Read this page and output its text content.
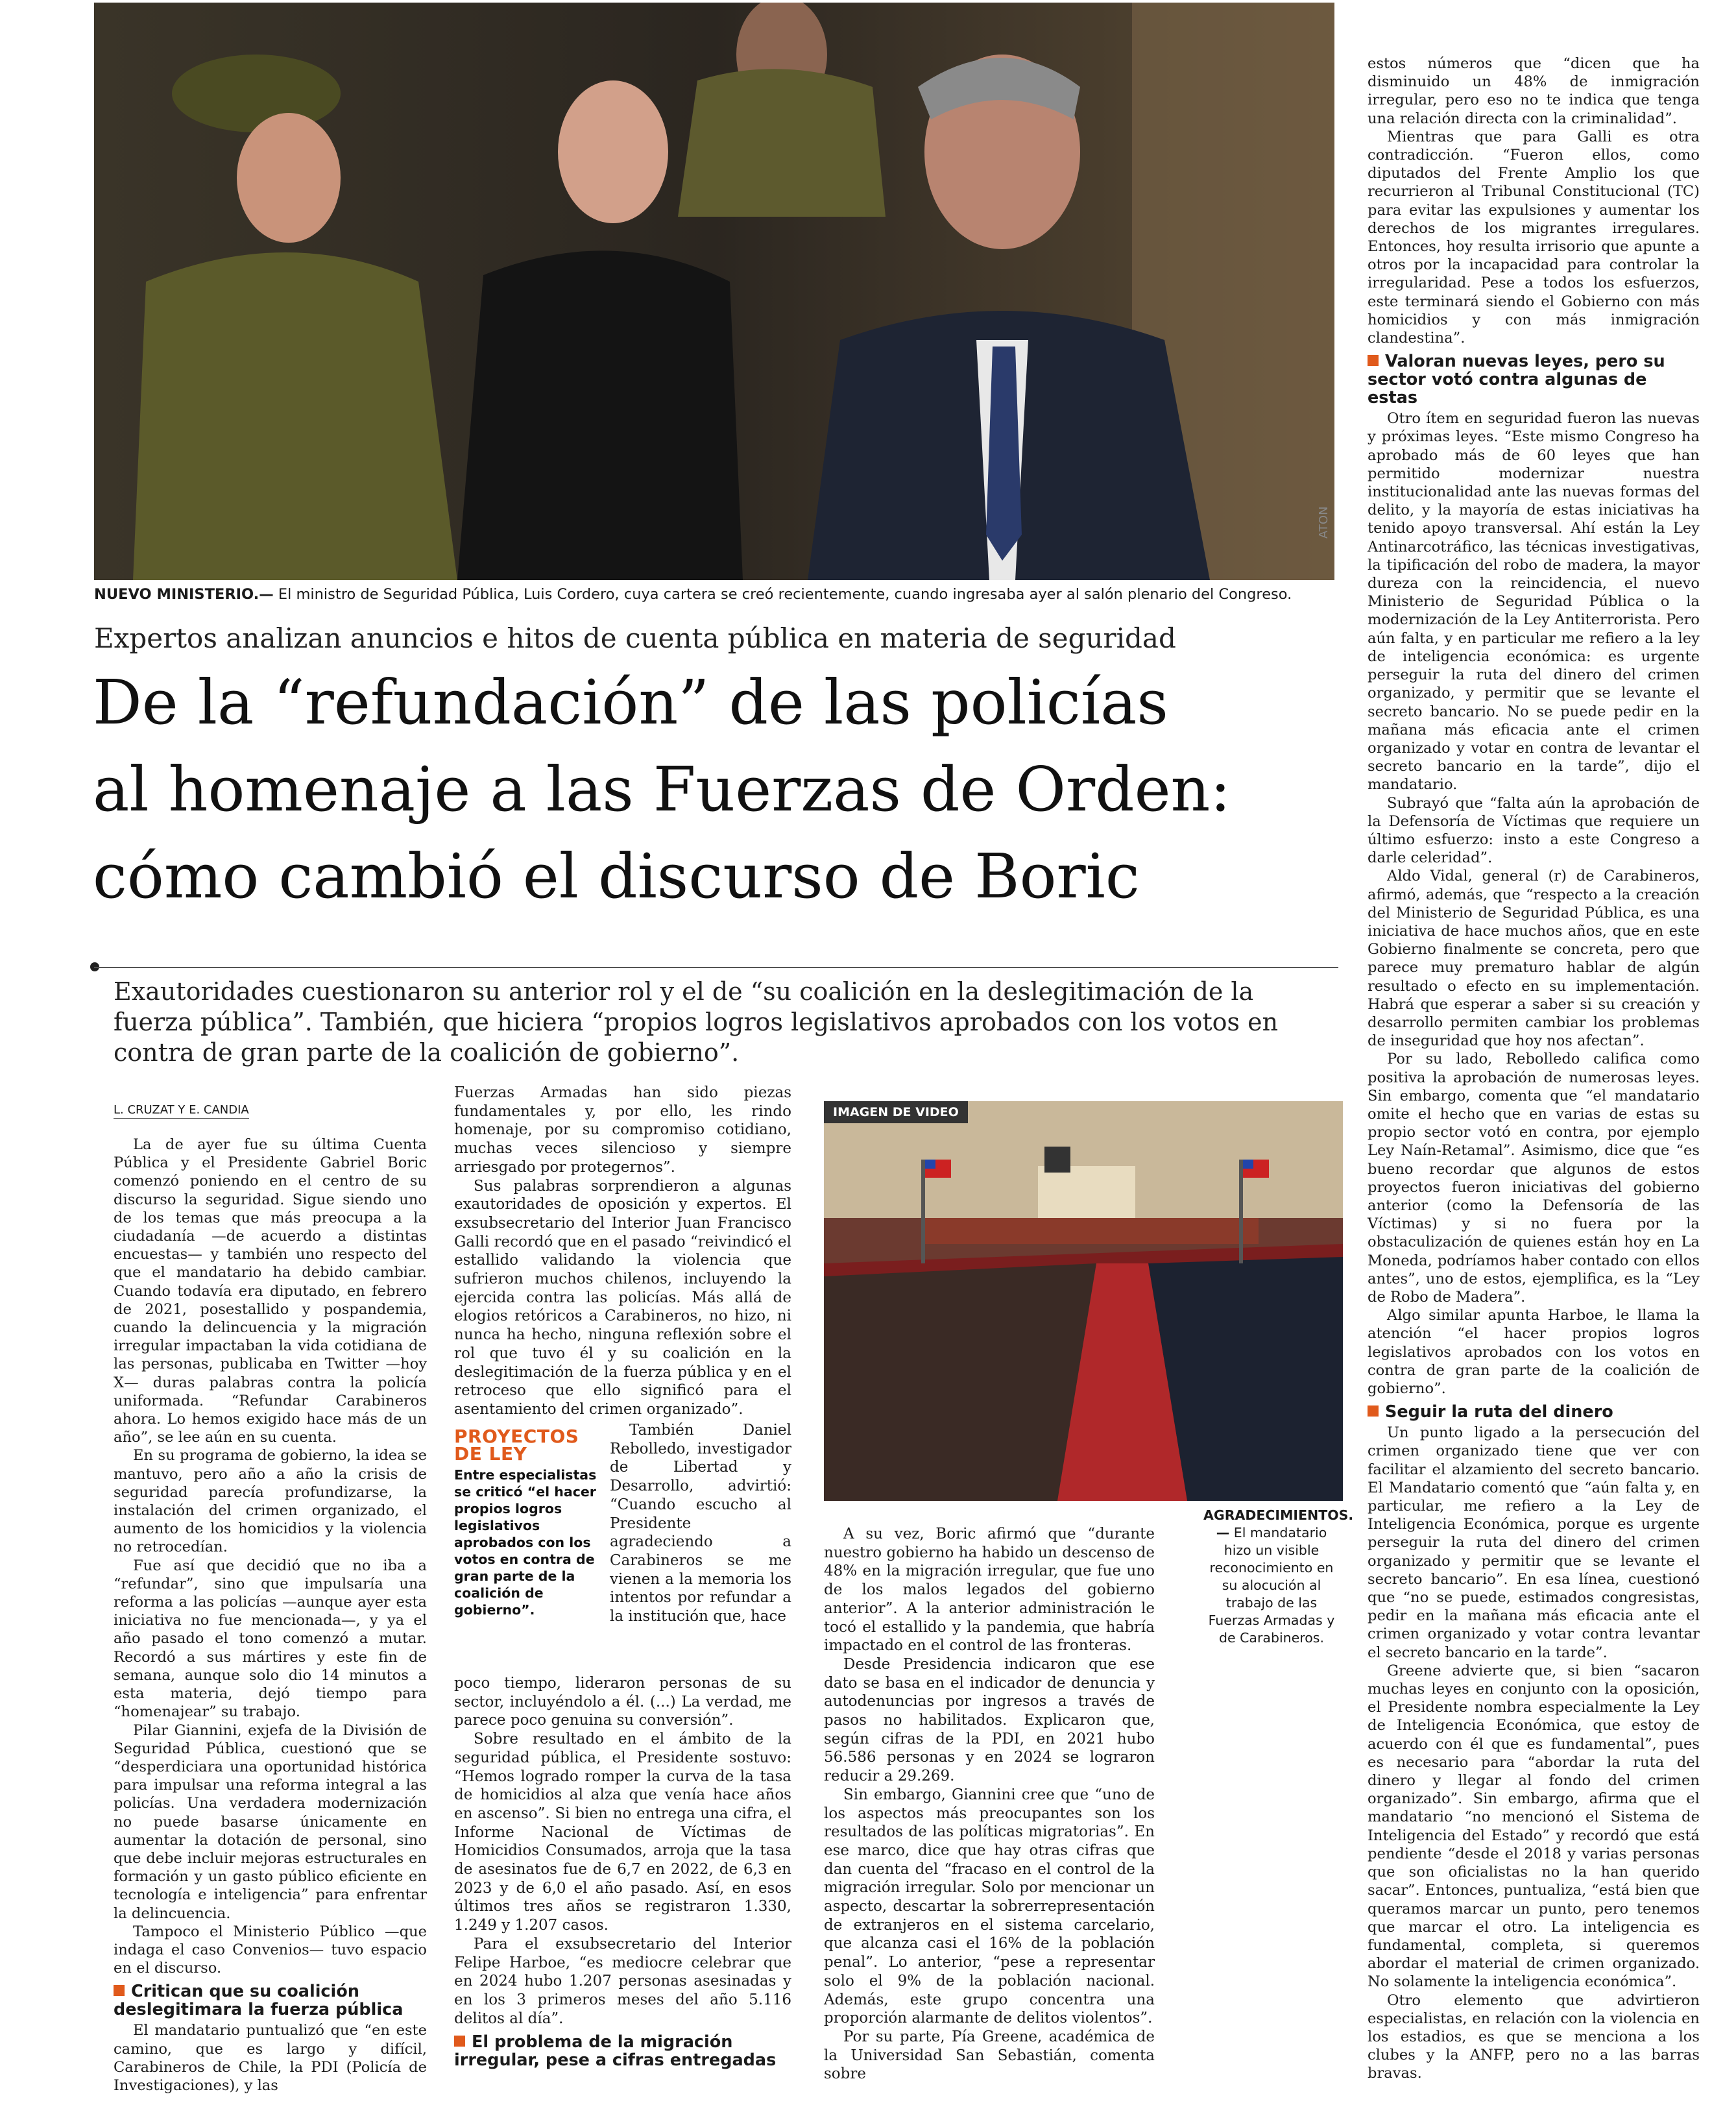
ATON
NUEVO MINISTERIO.— El ministro de Seguridad Pública, Luis Cordero, cuya cartera se creó recientemente, cuando ingresaba ayer al salón plenario del Congreso.
Expertos analizan anuncios e hitos de cuenta pública en materia de seguridad
De la “refundación” de las policías
al homenaje a las Fuerzas de Orden:
cómo cambió el discurso de Boric
Exautoridades cuestionaron su anterior rol y el de “su coalición en la deslegitimación de la fuerza pública”. También, que hiciera “propios logros legislativos aprobados con los votos en contra de gran parte de la coalición de gobierno”.
L. CRUZAT Y E. CANDIA

La de ayer fue su última Cuenta Pública y el Presidente Gabriel Boric comenzó poniendo en el centro de su discurso la seguridad. Sigue siendo uno de los temas que más preocupa a la ciudadanía —de acuerdo a distintas encuestas— y también uno respecto del que el mandatario ha debido cambiar. Cuando todavía era diputado, en febrero de 2021, posestallido y pospandemia, cuando la delincuencia y la migración irregular impactaban la vida cotidiana de las personas, publicaba en Twitter —hoy X— duras palabras contra la policía uniformada. “Refundar Carabineros ahora. Lo hemos exigido hace más de un año”, se lee aún en su cuenta.

En su programa de gobierno, la idea se mantuvo, pero año a año la crisis de seguridad parecía profundizarse, la instalación del crimen organizado, el aumento de los homicidios y la violencia no retrocedían.

Fue así que decidió que no iba a “refundar”, sino que impulsaría una reforma a las policías —aunque ayer esta iniciativa no fue mencionada—, y ya el año pasado el tono comenzó a mutar. Recordó a sus mártires y este fin de semana, aunque solo dio 14 minutos a esta materia, dejó tiempo para “homenajear” su trabajo.

Pilar Giannini, exjefa de la División de Seguridad Pública, cuestionó que se “desperdiciara una oportunidad histórica para impulsar una reforma integral a las policías. Una verdadera modernización no puede basarse únicamente en aumentar la dotación de personal, sino que debe incluir mejoras estructurales en formación y un gasto público eficiente en tecnología e inteligencia” para enfrentar la delincuencia.

Tampoco el Ministerio Público —que indaga el caso Convenios— tuvo espacio en el discurso.

Critican que su coalición deslegitimara la fuerza pública

El mandatario puntualizó que “en este camino, que es largo y difícil, Carabineros de Chile, la PDI (Policía de Investigaciones), y las

Fuerzas Armadas han sido piezas fundamentales y, por ello, les rindo homenaje, por su compromiso cotidiano, muchas veces silencioso y siempre arriesgado por protegernos”.

Sus palabras sorprendieron a algunas exautoridades de oposición y expertos. El exsubsecretario del Interior Juan Francisco Galli recordó que en el pasado “reivindicó el estallido validando la violencia que sufrieron muchos chilenos, incluyendo la ejercida contra las policías. Más allá de elogios retóricos a Carabineros, no hizo, ni nunca ha hecho, ninguna reflexión sobre el rol que tuvo él y su coalición en la deslegitimación de la fuerza pública y en el retroceso que ello significó para el asentamiento del crimen organizado”.

PROYECTOS DE LEY
Entre especialistas se criticó “el hacer propios logros legislativos aprobados con los votos en contra de gran parte de la coalición de gobierno”.

También Daniel Rebolledo, investigador de Libertad y Desarrollo, advirtió: “Cuando escucho al Presidente agradeciendo a Carabineros se me vienen a la memoria los intentos por refundar a la institución que, hace

poco tiempo, lideraron personas de su sector, incluyéndolo a él. (...) La verdad, me parece poco genuina su conversión”.

Sobre resultado en el ámbito de la seguridad pública, el Presidente sostuvo: “Hemos logrado romper la curva de la tasa de homicidios al alza que venía hace años en ascenso”. Si bien no entrega una cifra, el Informe Nacional de Víctimas de Homicidios Consumados, arroja que la tasa de asesinatos fue de 6,7 en 2022, de 6,3 en 2023 y de 6,0 el año pasado. Así, en esos últimos tres años se registraron 1.330, 1.249 y 1.207 casos.

Para el exsubsecretario del Interior Felipe Harboe, “es mediocre celebrar que en 2024 hubo 1.207 personas asesinadas y en los 3 primeros meses del año 5.116 delitos al día”.

El problema de la migración irregular, pese a cifras entregadas
IMAGEN DE VIDEO
AGRADECIMIENTOS.— El mandatario hizo un visible reconocimiento en su alocución al trabajo de las Fuerzas Armadas y de Carabineros.

A su vez, Boric afirmó que “durante nuestro gobierno ha habido un descenso de 48% en la migración irregular, que fue uno de los malos legados del gobierno anterior”. A la anterior administración le tocó el estallido y la pandemia, que habría impactado en el control de las fronteras.

Desde Presidencia indicaron que ese dato se basa en el indicador de denuncia y autodenuncias por ingresos a través de pasos no habilitados. Explicaron que, según cifras de la PDI, en 2021 hubo 56.586 personas y en 2024 se lograron reducir a 29.269.

Sin embargo, Giannini cree que “uno de los aspectos más preocupantes son los resultados de las políticas migratorias”. En ese marco, dice que hay otras cifras que dan cuenta del “fracaso en el control de la migración irregular. Solo por mencionar un aspecto, descartar la sobrerrepresentación de extranjeros en el sistema carcelario, que alcanza casi el 16% de la población penal”. Lo anterior, “pese a representar solo el 9% de la población nacional. Además, este grupo concentra una proporción alarmante de delitos violentos”.

Por su parte, Pía Greene, académica de la Universidad San Sebastián, comenta sobre

estos números que “dicen que ha disminuido un 48% de inmigración irregular, pero eso no te indica que tenga una relación directa con la criminalidad”.

Mientras que para Galli es otra contradicción. “Fueron ellos, como diputados del Frente Amplio los que recurrieron al Tribunal Constitucional (TC) para evitar las expulsiones y aumentar los derechos de los migrantes irregulares. Entonces, hoy resulta irrisorio que apunte a otros por la incapacidad para controlar la irregularidad. Pese a todos los esfuerzos, este terminará siendo el Gobierno con más homicidios y con más inmigración clandestina”.

Valoran nuevas leyes, pero su sector votó contra algunas de estas

Otro ítem en seguridad fueron las nuevas y próximas leyes. “Este mismo Congreso ha aprobado más de 60 leyes que han permitido modernizar nuestra institucionalidad ante las nuevas formas del delito, y la mayoría de estas iniciativas ha tenido apoyo transversal. Ahí están la Ley Antinarcotráfico, las técnicas investigativas, la tipificación del robo de madera, la mayor dureza con la reincidencia, el nuevo Ministerio de Seguridad Pública o la modernización de la Ley Antiterrorista. Pero aún falta, y en particular me refiero a la ley de inteligencia económica: es urgente perseguir la ruta del dinero del crimen organizado, y permitir que se levante el secreto bancario. No se puede pedir en la mañana más eficacia ante el crimen organizado y votar en contra de levantar el secreto bancario en la tarde”, dijo el mandatario.

Subrayó que “falta aún la aprobación de la Defensoría de Víctimas que requiere un último esfuerzo: insto a este Congreso a darle celeridad”.

Aldo Vidal, general (r) de Carabineros, afirmó, además, que “respecto a la creación del Ministerio de Seguridad Pública, es una iniciativa de hace muchos años, que en este Gobierno finalmente se concreta, pero que parece muy prematuro hablar de algún resultado o efecto en su implementación. Habrá que esperar a saber si su creación y desarrollo permiten cambiar los problemas de inseguridad que hoy nos afectan”.

Por su lado, Rebolledo califica como positiva la aprobación de numerosas leyes. Sin embargo, comenta que “el mandatario omite el hecho que en varias de estas su propio sector votó en contra, por ejemplo Ley Naín-Retamal”. Asimismo, dice que “es bueno recordar que algunos de estos proyectos fueron iniciativas del gobierno anterior (como la Defensoría de las Víctimas) y si no fuera por la obstaculización de quienes están hoy en La Moneda, podríamos haber contado con ellos antes”, uno de estos, ejemplifica, es la “Ley de Robo de Madera”.

Algo similar apunta Harboe, le llama la atención “el hacer propios logros legislativos aprobados con los votos en contra de gran parte de la coalición de gobierno”.

Seguir la ruta del dinero

Un punto ligado a la persecución del crimen organizado tiene que ver con facilitar el alzamiento del secreto bancario. El Mandatario comentó que “aún falta y, en particular, me refiero a la Ley de Inteligencia Económica, porque es urgente perseguir la ruta del dinero del crimen organizado y permitir que se levante el secreto bancario”. En esa línea, cuestionó que “no se puede, estimados congresistas, pedir en la mañana más eficacia ante el crimen organizado y votar contra levantar el secreto bancario en la tarde”.

Greene advierte que, si bien “sacaron muchas leyes en conjunto con la oposición, el Presidente nombra especialmente la Ley de Inteligencia Económica, que estoy de acuerdo con él que es fundamental”, pues es necesario para “abordar la ruta del dinero y llegar al fondo del crimen organizado”. Sin embargo, afirma que el mandatario “no mencionó el Sistema de Inteligencia del Estado” y recordó que está pendiente “desde el 2018 y varias personas que son oficialistas no la han querido sacar”. Entonces, puntualiza, “está bien que queramos marcar un punto, pero tenemos que marcar el otro. La inteligencia es fundamental, completa, si queremos abordar el material de crimen organizado. No solamente la inteligencia económica”.

Otro elemento que advirtieron especialistas, en relación con la violencia en los estadios, es que se menciona a los clubes y la ANFP, pero no a las barras bravas.
